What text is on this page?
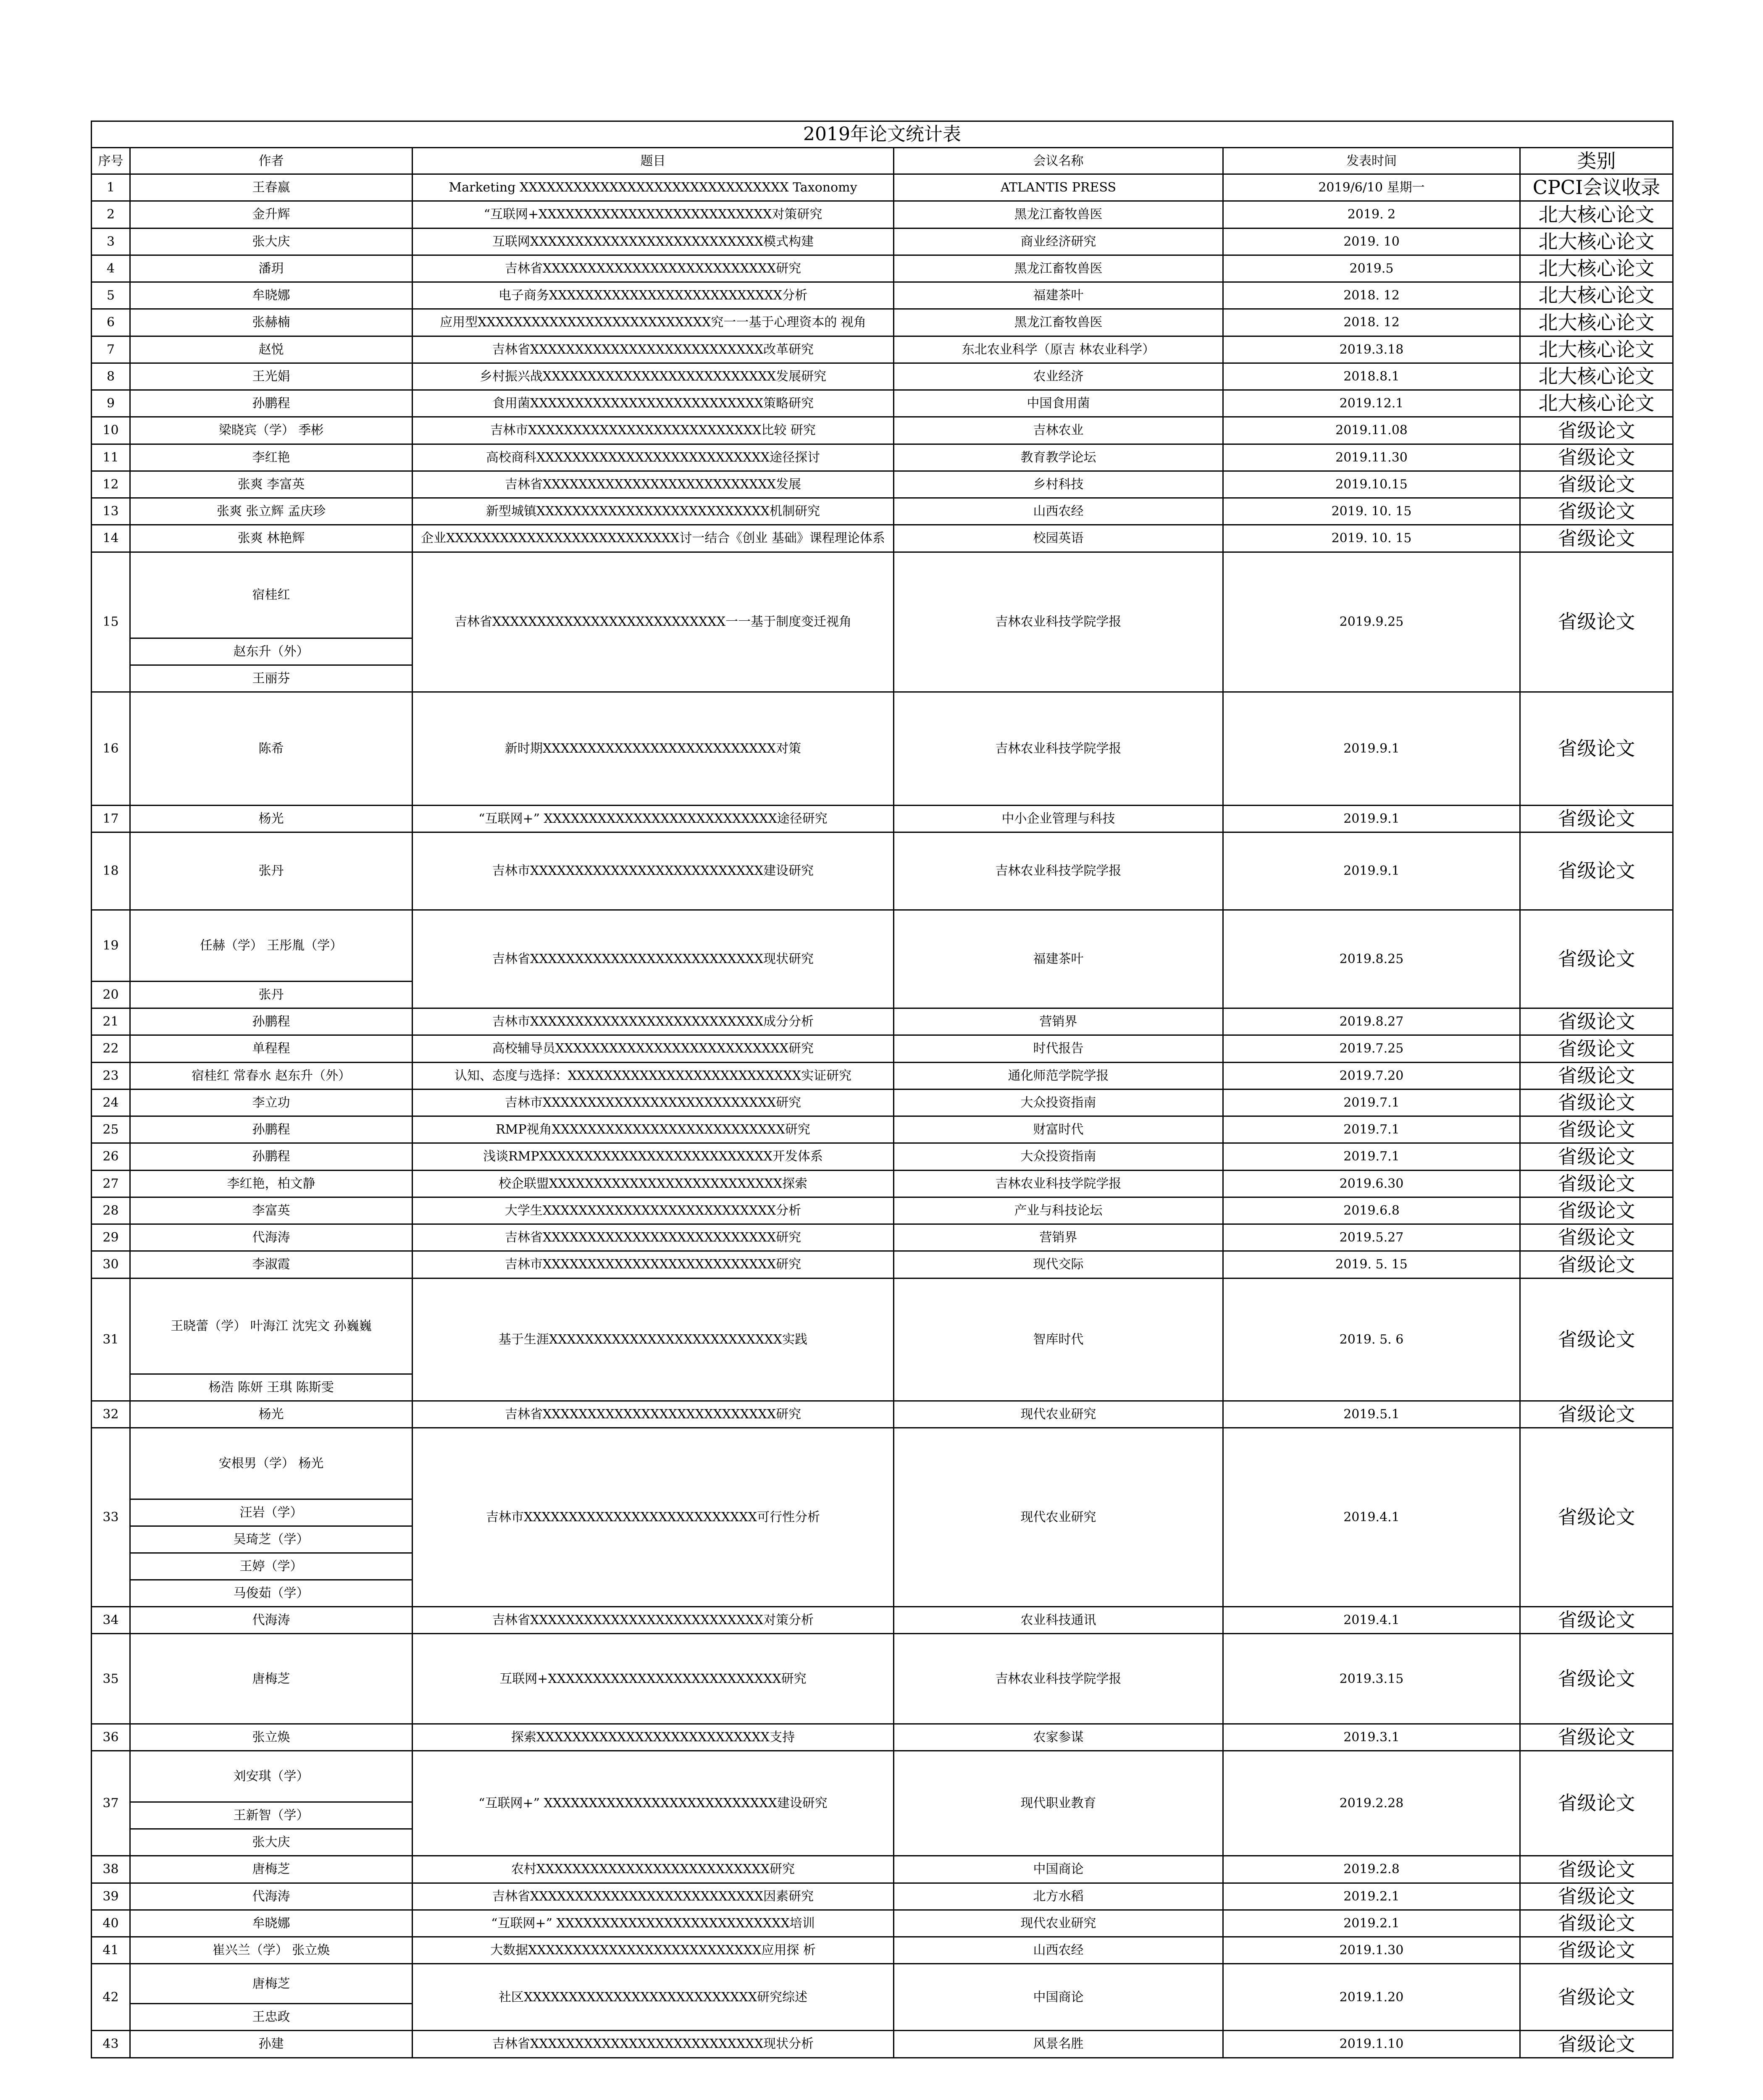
2019年论文统计表					
序号	作者	题目	会议名称	发表时间	类别
1	王春嬴	Marketing XXXXXXXXXXXXXXXXXXXXXXXXXXXXXX Taxonomy	ATLANTIS PRESS	2019/6/10 星期一	CPCI会议收录
2	金升辉	“互联网+XXXXXXXXXXXXXXXXXXXXXXXXXX对策研究	黑龙江畜牧兽医	2019. 2	北大核心论文
3	张大庆	互联网XXXXXXXXXXXXXXXXXXXXXXXXXX模式构建	商业经济研究	2019. 10	北大核心论文
4	潘玥	吉林省XXXXXXXXXXXXXXXXXXXXXXXXXX研究	黑龙江畜牧兽医	2019.5	北大核心论文
5	牟晓娜	电子商务XXXXXXXXXXXXXXXXXXXXXXXXXX分析	福建茶叶	2018. 12	北大核心论文
6	张赫楠	应用型XXXXXXXXXXXXXXXXXXXXXXXXXX究一一基于心理资本的 视角	黑龙江畜牧兽医	2018. 12	北大核心论文
7	赵悦	吉林省XXXXXXXXXXXXXXXXXXXXXXXXXX改革研究	东北农业科学（原吉 林农业科学）	2019.3.18	北大核心论文
8	王光娟	乡村振兴战XXXXXXXXXXXXXXXXXXXXXXXXXX发展研究	农业经济	2018.8.1	北大核心论文
9	孙鹏程	食用菌XXXXXXXXXXXXXXXXXXXXXXXXXX策略研究	中国食用菌	2019.12.1	北大核心论文
10	梁晓宾（学） 季彬	吉林市XXXXXXXXXXXXXXXXXXXXXXXXXX比较 研究	吉林农业	2019.11.08	省级论文
11	李红艳	高校商科XXXXXXXXXXXXXXXXXXXXXXXXXX途径探讨	教育教学论坛	2019.11.30	省级论文
12	张爽 李富英	吉林省XXXXXXXXXXXXXXXXXXXXXXXXXX发展	乡村科技	2019.10.15	省级论文
13	张爽 张立辉 孟庆珍	新型城镇XXXXXXXXXXXXXXXXXXXXXXXXXX机制研究	山西农经	2019. 10. 15	省级论文
14	张爽 林艳辉	企业XXXXXXXXXXXXXXXXXXXXXXXXXX讨一结合《创业 基础》课程理论体系	校园英语	2019. 10. 15	省级论文
15	宿桂红	吉林省XXXXXXXXXXXXXXXXXXXXXXXXXX一一基于制度变迁视角	吉林农业科技学院学报	2019.9.25	省级论文
	赵东升（外）				
	王丽芬				
16	陈希	新时期XXXXXXXXXXXXXXXXXXXXXXXXXX对策	吉林农业科技学院学报	2019.9.1	省级论文
17	杨光	“互联网+” XXXXXXXXXXXXXXXXXXXXXXXXXX途径研究	中小企业管理与科技	2019.9.1	省级论文
18	张丹	吉林市XXXXXXXXXXXXXXXXXXXXXXXXXX建设研究	吉林农业科技学院学报	2019.9.1	省级论文
19	任赫（学） 王彤胤（学）	吉林省XXXXXXXXXXXXXXXXXXXXXXXXXX现状研究	福建茶叶	2019.8.25	省级论文
20	张丹				
21	孙鹏程	吉林市XXXXXXXXXXXXXXXXXXXXXXXXXX成分分析	营销界	2019.8.27	省级论文
22	单程程	高校辅导员XXXXXXXXXXXXXXXXXXXXXXXXXX研究	时代报告	2019.7.25	省级论文
23	宿桂红 常春水 赵东升（外）	认知、态度与选择：XXXXXXXXXXXXXXXXXXXXXXXXXX实证研究	通化师范学院学报	2019.7.20	省级论文
24	李立功	吉林市XXXXXXXXXXXXXXXXXXXXXXXXXX研究	大众投资指南	2019.7.1	省级论文
25	孙鹏程	RMP视角XXXXXXXXXXXXXXXXXXXXXXXXXX研究	财富时代	2019.7.1	省级论文
26	孙鹏程	浅谈RMPXXXXXXXXXXXXXXXXXXXXXXXXXX开发体系	大众投资指南	2019.7.1	省级论文
27	李红艳，柏文静	校企联盟XXXXXXXXXXXXXXXXXXXXXXXXXX探索	吉林农业科技学院学报	2019.6.30	省级论文
28	李富英	大学生XXXXXXXXXXXXXXXXXXXXXXXXXX分析	产业与科技论坛	2019.6.8	省级论文
29	代海涛	吉林省XXXXXXXXXXXXXXXXXXXXXXXXXX研究	营销界	2019.5.27	省级论文
30	李淑霞	吉林市XXXXXXXXXXXXXXXXXXXXXXXXXX研究	现代交际	2019. 5. 15	省级论文
31	王晓蕾（学） 叶海江 沈宪文 孙巍巍	基于生涯XXXXXXXXXXXXXXXXXXXXXXXXXX实践	智库时代	2019. 5. 6	省级论文
	杨浩 陈妍 王琪 陈斯雯				
32	杨光	吉林省XXXXXXXXXXXXXXXXXXXXXXXXXX研究	现代农业研究	2019.5.1	省级论文
33	安根男（学） 杨光	吉林市XXXXXXXXXXXXXXXXXXXXXXXXXX可行性分析	现代农业研究	2019.4.1	省级论文
	汪岩（学）				
	吴琦芝（学）				
	王婷（学）				
	马俊茹（学）				
34	代海涛	吉林省XXXXXXXXXXXXXXXXXXXXXXXXXX对策分析	农业科技通讯	2019.4.1	省级论文
35	唐梅芝	互联网+XXXXXXXXXXXXXXXXXXXXXXXXXX研究	吉林农业科技学院学报	2019.3.15	省级论文
36	张立焕	探索XXXXXXXXXXXXXXXXXXXXXXXXXX支持	农家参谋	2019.3.1	省级论文
37	刘安琪（学）	“互联网+” XXXXXXXXXXXXXXXXXXXXXXXXXX建设研究	现代职业教育	2019.2.28	省级论文
	王新智（学）				
	张大庆				
38	唐梅芝	农村XXXXXXXXXXXXXXXXXXXXXXXXXX研究	中国商论	2019.2.8	省级论文
39	代海涛	吉林省XXXXXXXXXXXXXXXXXXXXXXXXXX因素研究	北方水稻	2019.2.1	省级论文
40	牟晓娜	“互联网+” XXXXXXXXXXXXXXXXXXXXXXXXXX培训	现代农业研究	2019.2.1	省级论文
41	崔兴兰（学） 张立焕	大数据XXXXXXXXXXXXXXXXXXXXXXXXXX应用探 析	山西农经	2019.1.30	省级论文
42	唐梅芝	社区XXXXXXXXXXXXXXXXXXXXXXXXXX研究综述	中国商论	2019.1.20	省级论文
	王忠政				
43	孙建	吉林省XXXXXXXXXXXXXXXXXXXXXXXXXX现状分析	风景名胜	2019.1.10	省级论文
